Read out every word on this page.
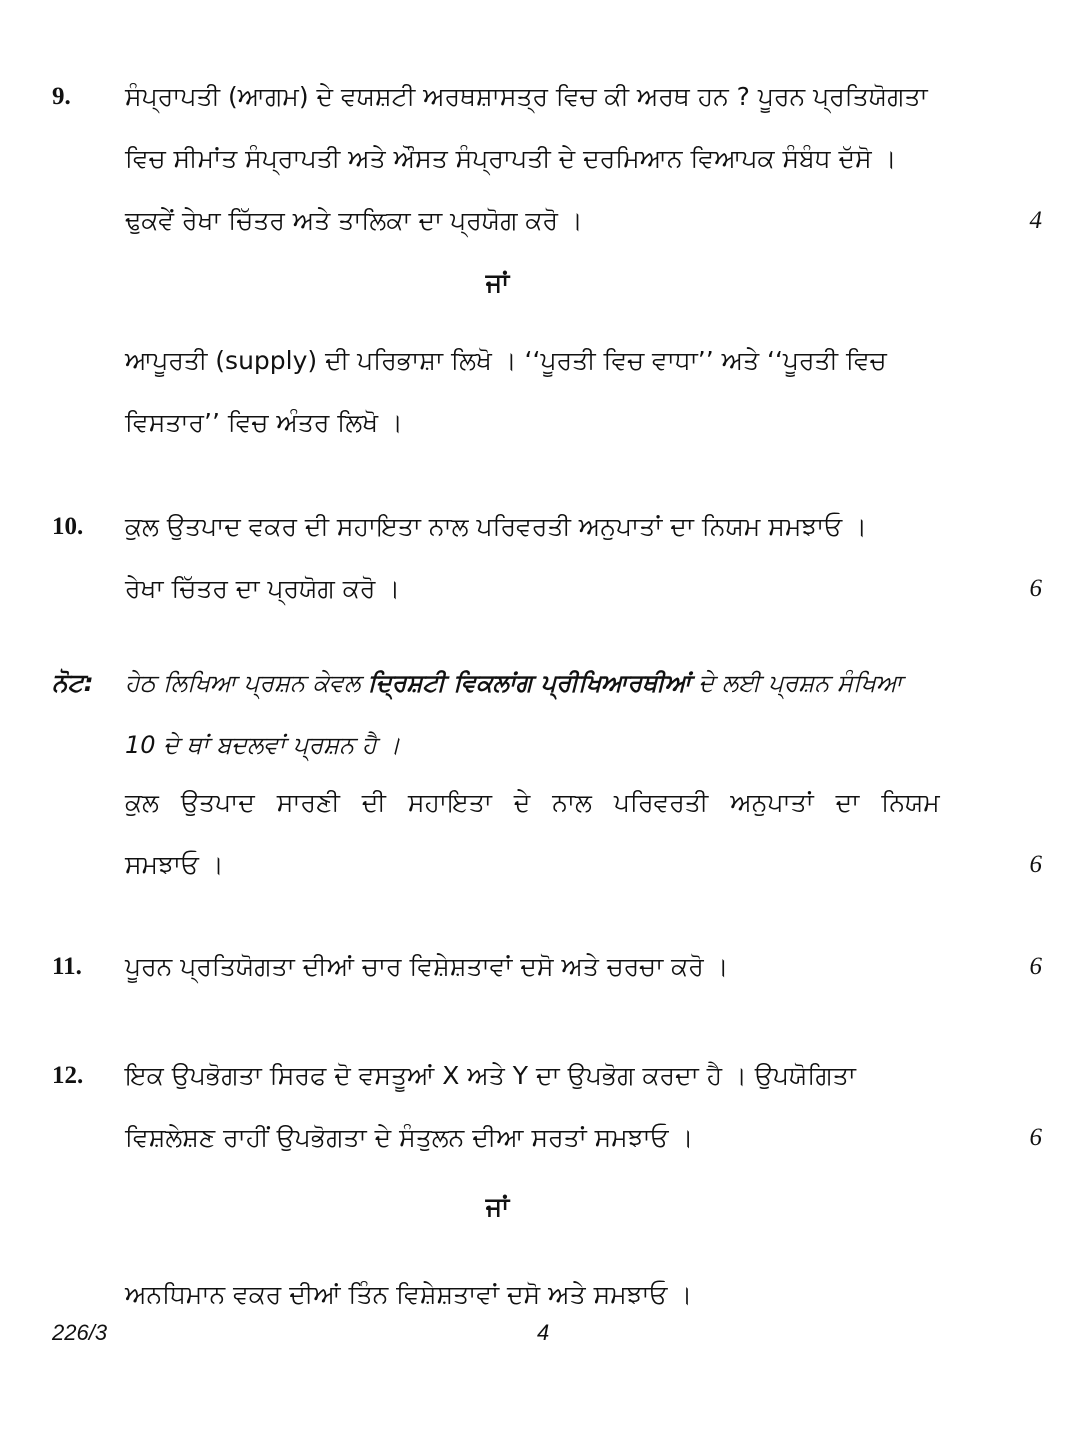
9. ਸੰਪ੍ਰਾਪਤੀ (ਆਗਮ) ਦੇ ਵਯਸ਼ਟੀ ਅਰਥਸ਼ਾਸਤ੍ਰ ਵਿਚ ਕੀ ਅਰਥ ਹਨ ? ਪੂਰਨ ਪ੍ਰਤਿਯੋਗਤਾ
ਵਿਚ ਸੀਮਾਂਤ ਸੰਪ੍ਰਾਪਤੀ ਅਤੇ ਔਸਤ ਸੰਪ੍ਰਾਪਤੀ ਦੇ ਦਰਮਿਆਨ ਵਿਆਪਕ ਸੰਬੰਧ ਦੱਸੋ ।
ਢੁਕਵੇਂ ਰੇਖਾ ਚਿੱਤਰ ਅਤੇ ਤਾਲਿਕਾ ਦਾ ਪ੍ਰਯੋਗ ਕਰੋ ।	4
ਜਾਂ
ਆਪੂਰਤੀ (supply) ਦੀ ਪਰਿਭਾਸ਼ਾ ਲਿਖੋ । ‘‘ਪੂਰਤੀ ਵਿਚ ਵਾਧਾ’’ ਅਤੇ ‘‘ਪੂਰਤੀ ਵਿਚ
ਵਿਸਤਾਰ’’ ਵਿਚ ਅੰਤਰ ਲਿਖੋ ।
10. ਕੁਲ ਉਤਪਾਦ ਵਕਰ ਦੀ ਸਹਾਇਤਾ ਨਾਲ ਪਰਿਵਰਤੀ ਅਨੁਪਾਤਾਂ ਦਾ ਨਿਯਮ ਸਮਝਾਓ ।
ਰੇਖਾ ਚਿੱਤਰ ਦਾ ਪ੍ਰਯੋਗ ਕਰੋ ।	6
ਨੋਟ: ਹੇਠ ਲਿਖਿਆ ਪ੍ਰਸ਼ਨ ਕੇਵਲ ਦ੍ਰਿਸ਼ਟੀ ਵਿਕਲਾਂਗ ਪ੍ਰੀਖਿਆਰਥੀਆਂ ਦੇ ਲਈ ਪ੍ਰਸ਼ਨ ਸੰਖਿਆ
10 ਦੇ ਥਾਂ ਬਦਲਵਾਂ ਪ੍ਰਸ਼ਨ ਹੈ ।
ਕੁਲ ਉਤਪਾਦ ਸਾਰਣੀ ਦੀ ਸਹਾਇਤਾ ਦੇ ਨਾਲ ਪਰਿਵਰਤੀ ਅਨੁਪਾਤਾਂ ਦਾ ਨਿਯਮ
ਸਮਝਾਓ ।	6
11. ਪੂਰਨ ਪ੍ਰਤਿਯੋਗਤਾ ਦੀਆਂ ਚਾਰ ਵਿਸ਼ੇਸ਼ਤਾਵਾਂ ਦਸੋ ਅਤੇ ਚਰਚਾ ਕਰੋ ।	6
12. ਇਕ ਉਪਭੋਗਤਾ ਸਿਰਫ ਦੋ ਵਸਤੂਆਂ X ਅਤੇ Y ਦਾ ਉਪਭੋਗ ਕਰਦਾ ਹੈ । ਉਪਯੋਗਿਤਾ
ਵਿਸ਼ਲੇਸ਼ਣ ਰਾਹੀਂ ਉਪਭੋਗਤਾ ਦੇ ਸੰਤੁਲਨ ਦੀਆ ਸਰਤਾਂ ਸਮਝਾਓ ।	6
ਜਾਂ
ਅਨਧਿਮਾਨ ਵਕਰ ਦੀਆਂ ਤਿੰਨ ਵਿਸ਼ੇਸ਼ਤਾਵਾਂ ਦਸੋ ਅਤੇ ਸਮਝਾਓ ।
226/3	4
